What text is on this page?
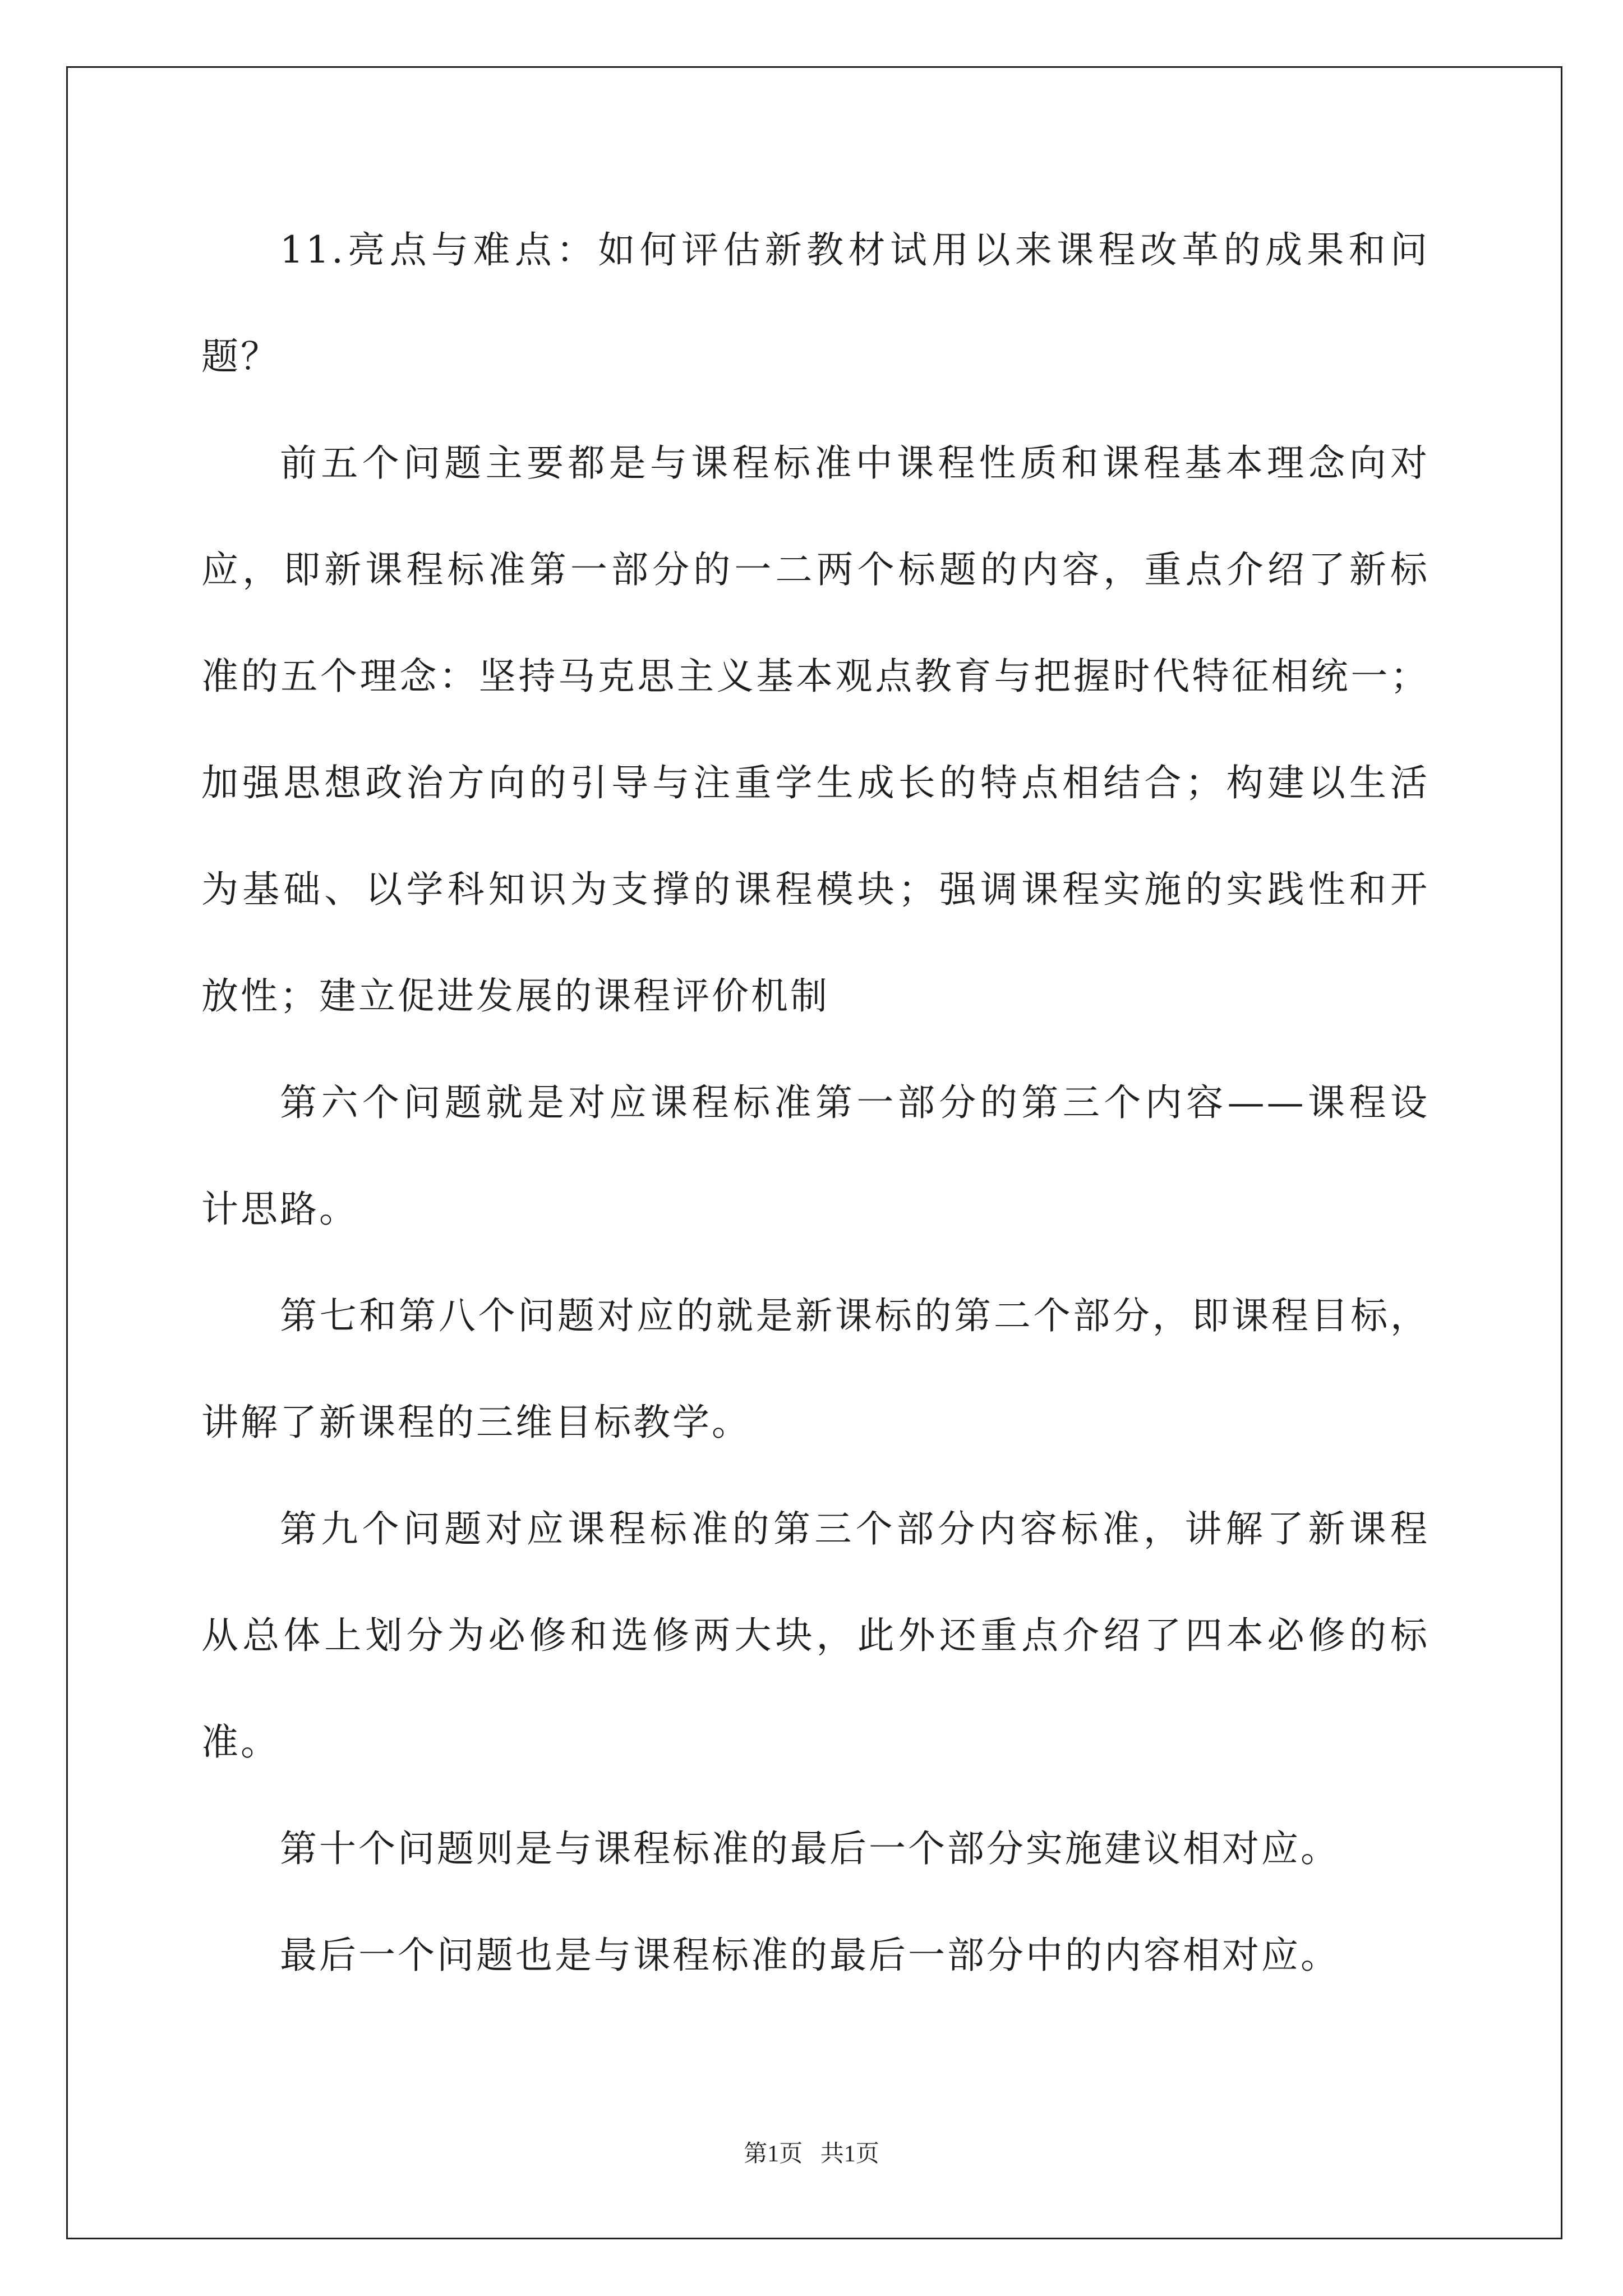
11.亮点与难点：如何评估新教材试用以来课程改革的成果和问
题？
前五个问题主要都是与课程标准中课程性质和课程基本理念向对
应，即新课程标准第一部分的一二两个标题的内容，重点介绍了新标
准的五个理念：坚持马克思主义基本观点教育与把握时代特征相统一；
加强思想政治方向的引导与注重学生成长的特点相结合；构建以生活
为基础、以学科知识为支撑的课程模块；强调课程实施的实践性和开
放性；建立促进发展的课程评价机制
第六个问题就是对应课程标准第一部分的第三个内容——课程设
计思路。
第七和第八个问题对应的就是新课标的第二个部分，即课程目标，
讲解了新课程的三维目标教学。
第九个问题对应课程标准的第三个部分内容标准，讲解了新课程
从总体上划分为必修和选修两大块，此外还重点介绍了四本必修的标
准。
第十个问题则是与课程标准的最后一个部分实施建议相对应。
最后一个问题也是与课程标准的最后一部分中的内容相对应。
第1页   共1页
